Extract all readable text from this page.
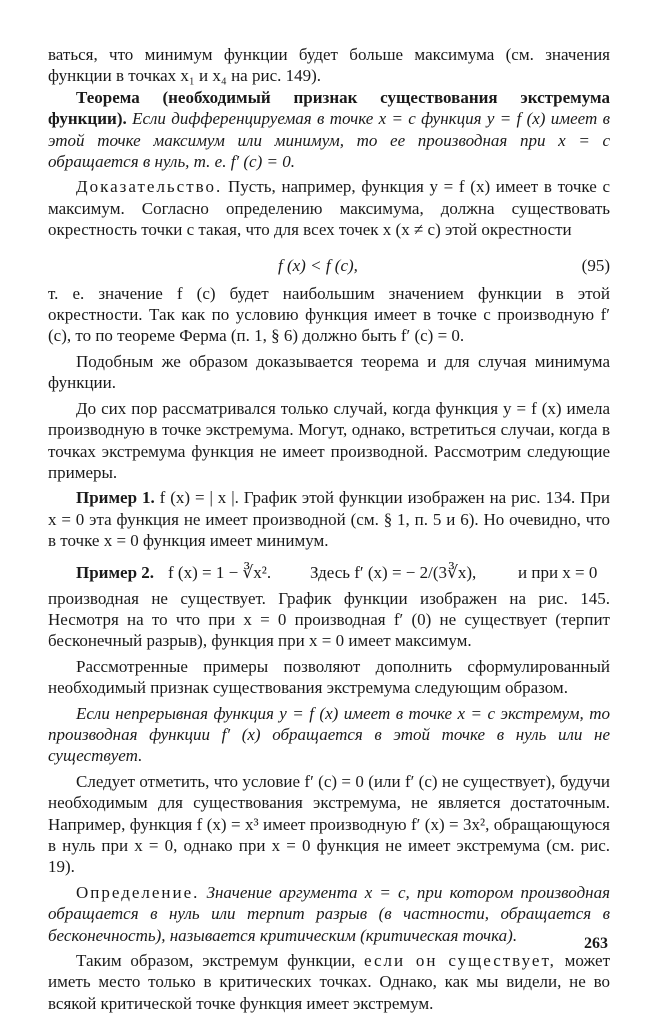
ваться, что минимум функции будет больше максимума (см. значения функции в точках x₁ и x₄ на рис. 149).

Теорема (необходимый признак существования экстремума функции). Если дифференцируемая в точке x = c функция y = f (x) имеет в этой точке максимум или минимум, то ее производная при x = c обращается в нуль, т. е. f′ (c) = 0.

Доказательство. Пусть, например, функция y = f (x) имеет в точке c максимум. Согласно определению максимума, должна существовать окрестность точки c такая, что для всех точек x (x ≠ c) этой окрестности

f (x) < f (c),	(95)

т. е. значение f (c) будет наибольшим значением функции в этой окрестности. Так как по условию функция имеет в точке c производную f′ (c), то по теореме Ферма (п. 1, § 6) должно быть f′ (c) = 0.

Подобным же образом доказывается теорема и для случая минимума функции.

До сих пор рассматривался только случай, когда функция y = f (x) имела производную в точке экстремума. Могут, однако, встретиться случаи, когда в точках экстремума функция не имеет производной. Рассмотрим следующие примеры.

Пример 1. f (x) = | x |. График этой функции изображен на рис. 134. При x = 0 эта функция не имеет производной (см. § 1, п. 5 и 6). Но очевидно, что в точке x = 0 функция имеет минимум.

Пример 2. f (x) = 1 − ∛x². Здесь f′ (x) = − 2/(3∛x), и при x = 0

производная не существует. График функции изображен на рис. 145. Несмотря на то что при x = 0 производная f′ (0) не существует (терпит бесконечный разрыв), функция при x = 0 имеет максимум.

Рассмотренные примеры позволяют дополнить сформулированный необходимый признак существования экстремума следующим образом.

Если непрерывная функция y = f (x) имеет в точке x = c экстремум, то производная функции f′ (x) обращается в этой точке в нуль или не существует.

Следует отметить, что условие f′ (c) = 0 (или f′ (c) не существует), будучи необходимым для существования экстремума, не является достаточным. Например, функция f (x) = x³ имеет производную f′ (x) = 3x², обращающуюся в нуль при x = 0, однако при x = 0 функция не имеет экстремума (см. рис. 19).

Определение. Значение аргумента x = c, при котором производная обращается в нуль или терпит разрыв (в частности, обращается в бесконечность), называется критическим (критическая точка).

Таким образом, экстремум функции, если он существует, может иметь место только в критических точках. Однако, как мы видели, не во всякой критической точке функция имеет экстремум.

263
